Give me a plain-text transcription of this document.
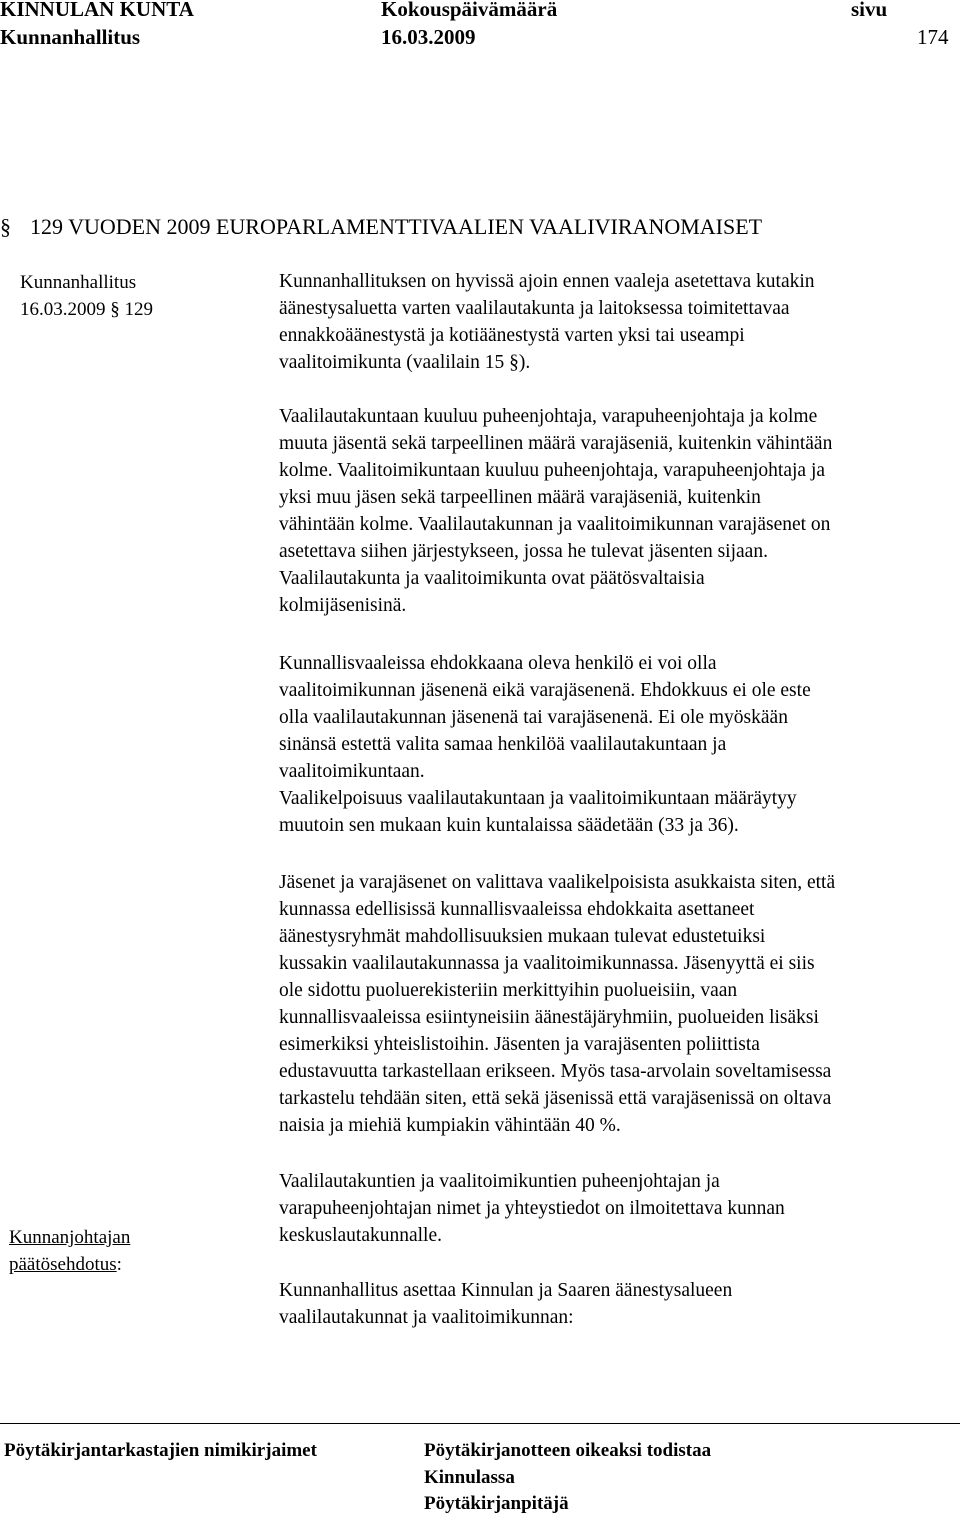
KINNULAN KUNTA	Kokouspäivämäärä	sivu
Kunnanhallitus	16.03.2009	174
§ 129 VUODEN 2009 EUROPARLAMENTTIVAALIEN VAALIVIRANOMAISET
Kunnanhallitus
16.03.2009 § 129
Kunnanhallituksen on hyvissä ajoin ennen vaaleja asetettava kutakin
äänestysaluetta varten vaalilautakunta ja laitoksessa toimitettavaa
ennakkoäänestystä ja kotiäänestystä varten yksi tai useampi
vaalitoimikunta (vaalilain 15 §).
Vaalilautakuntaan kuuluu puheenjohtaja, varapuheenjohtaja ja kolme
muuta jäsentä sekä tarpeellinen määrä varajäseniä, kuitenkin vähintään
kolme. Vaalitoimikuntaan kuuluu puheenjohtaja, varapuheenjohtaja ja
yksi muu jäsen sekä tarpeellinen määrä varajäseniä, kuitenkin
vähintään kolme. Vaalilautakunnan ja vaalitoimikunnan varajäsenet on
asetettava siihen järjestykseen, jossa he tulevat jäsenten sijaan.
Vaalilautakunta ja vaalitoimikunta ovat päätösvaltaisia
kolmijäsenisinä.
Kunnallisvaaleissa ehdokkaana oleva henkilö ei voi olla
vaalitoimikunnan jäsenenä eikä varajäsenenä. Ehdokkuus ei ole este
olla vaalilautakunnan jäsenenä tai varajäsenenä. Ei ole myöskään
sinänsä estettä valita samaa henkilöä vaalilautakuntaan ja
vaalitoimikuntaan.
Vaalikelpoisuus vaalilautakuntaan ja vaalitoimikuntaan määräytyy
muutoin sen mukaan kuin kuntalaissa säädetään (33 ja 36).
Jäsenet ja varajäsenet on valittava vaalikelpoisista asukkaista siten, että
kunnassa edellisissä kunnallisvaaleissa ehdokkaita asettaneet
äänestysryhmät mahdollisuuksien mukaan tulevat edustetuiksi
kussakin vaalilautakunnassa ja vaalitoimikunnassa. Jäsenyyttä ei siis
ole sidottu puoluerekisteriin merkittyihin puolueisiin, vaan
kunnallisvaaleissa esiintyneisiin äänestäjäryhmiin, puolueiden lisäksi
esimerkiksi yhteislistoihin. Jäsenten ja varajäsenten poliittista
edustavuutta tarkastellaan erikseen. Myös tasa-arvolain soveltamisessa
tarkastelu tehdään siten, että sekä jäsenissä että varajäsenissä on oltava
naisia ja miehiä kumpiakin vähintään 40 %.
Vaalilautakuntien ja vaalitoimikuntien puheenjohtajan ja
varapuheenjohtajan nimet ja yhteystiedot on ilmoitettava kunnan
keskuslautakunnalle.
Kunnanhallitus asettaa Kinnulan ja Saaren äänestysalueen
vaalilautakunnat ja vaalitoimikunnan:
Kunnanjohtajan
päätösehdotus:
Pöytäkirjantarkastajien nimikirjaimet	Pöytäkirjanotteen oikeaksi todistaa
Kinnulassa
Pöytäkirjanpitäjä
